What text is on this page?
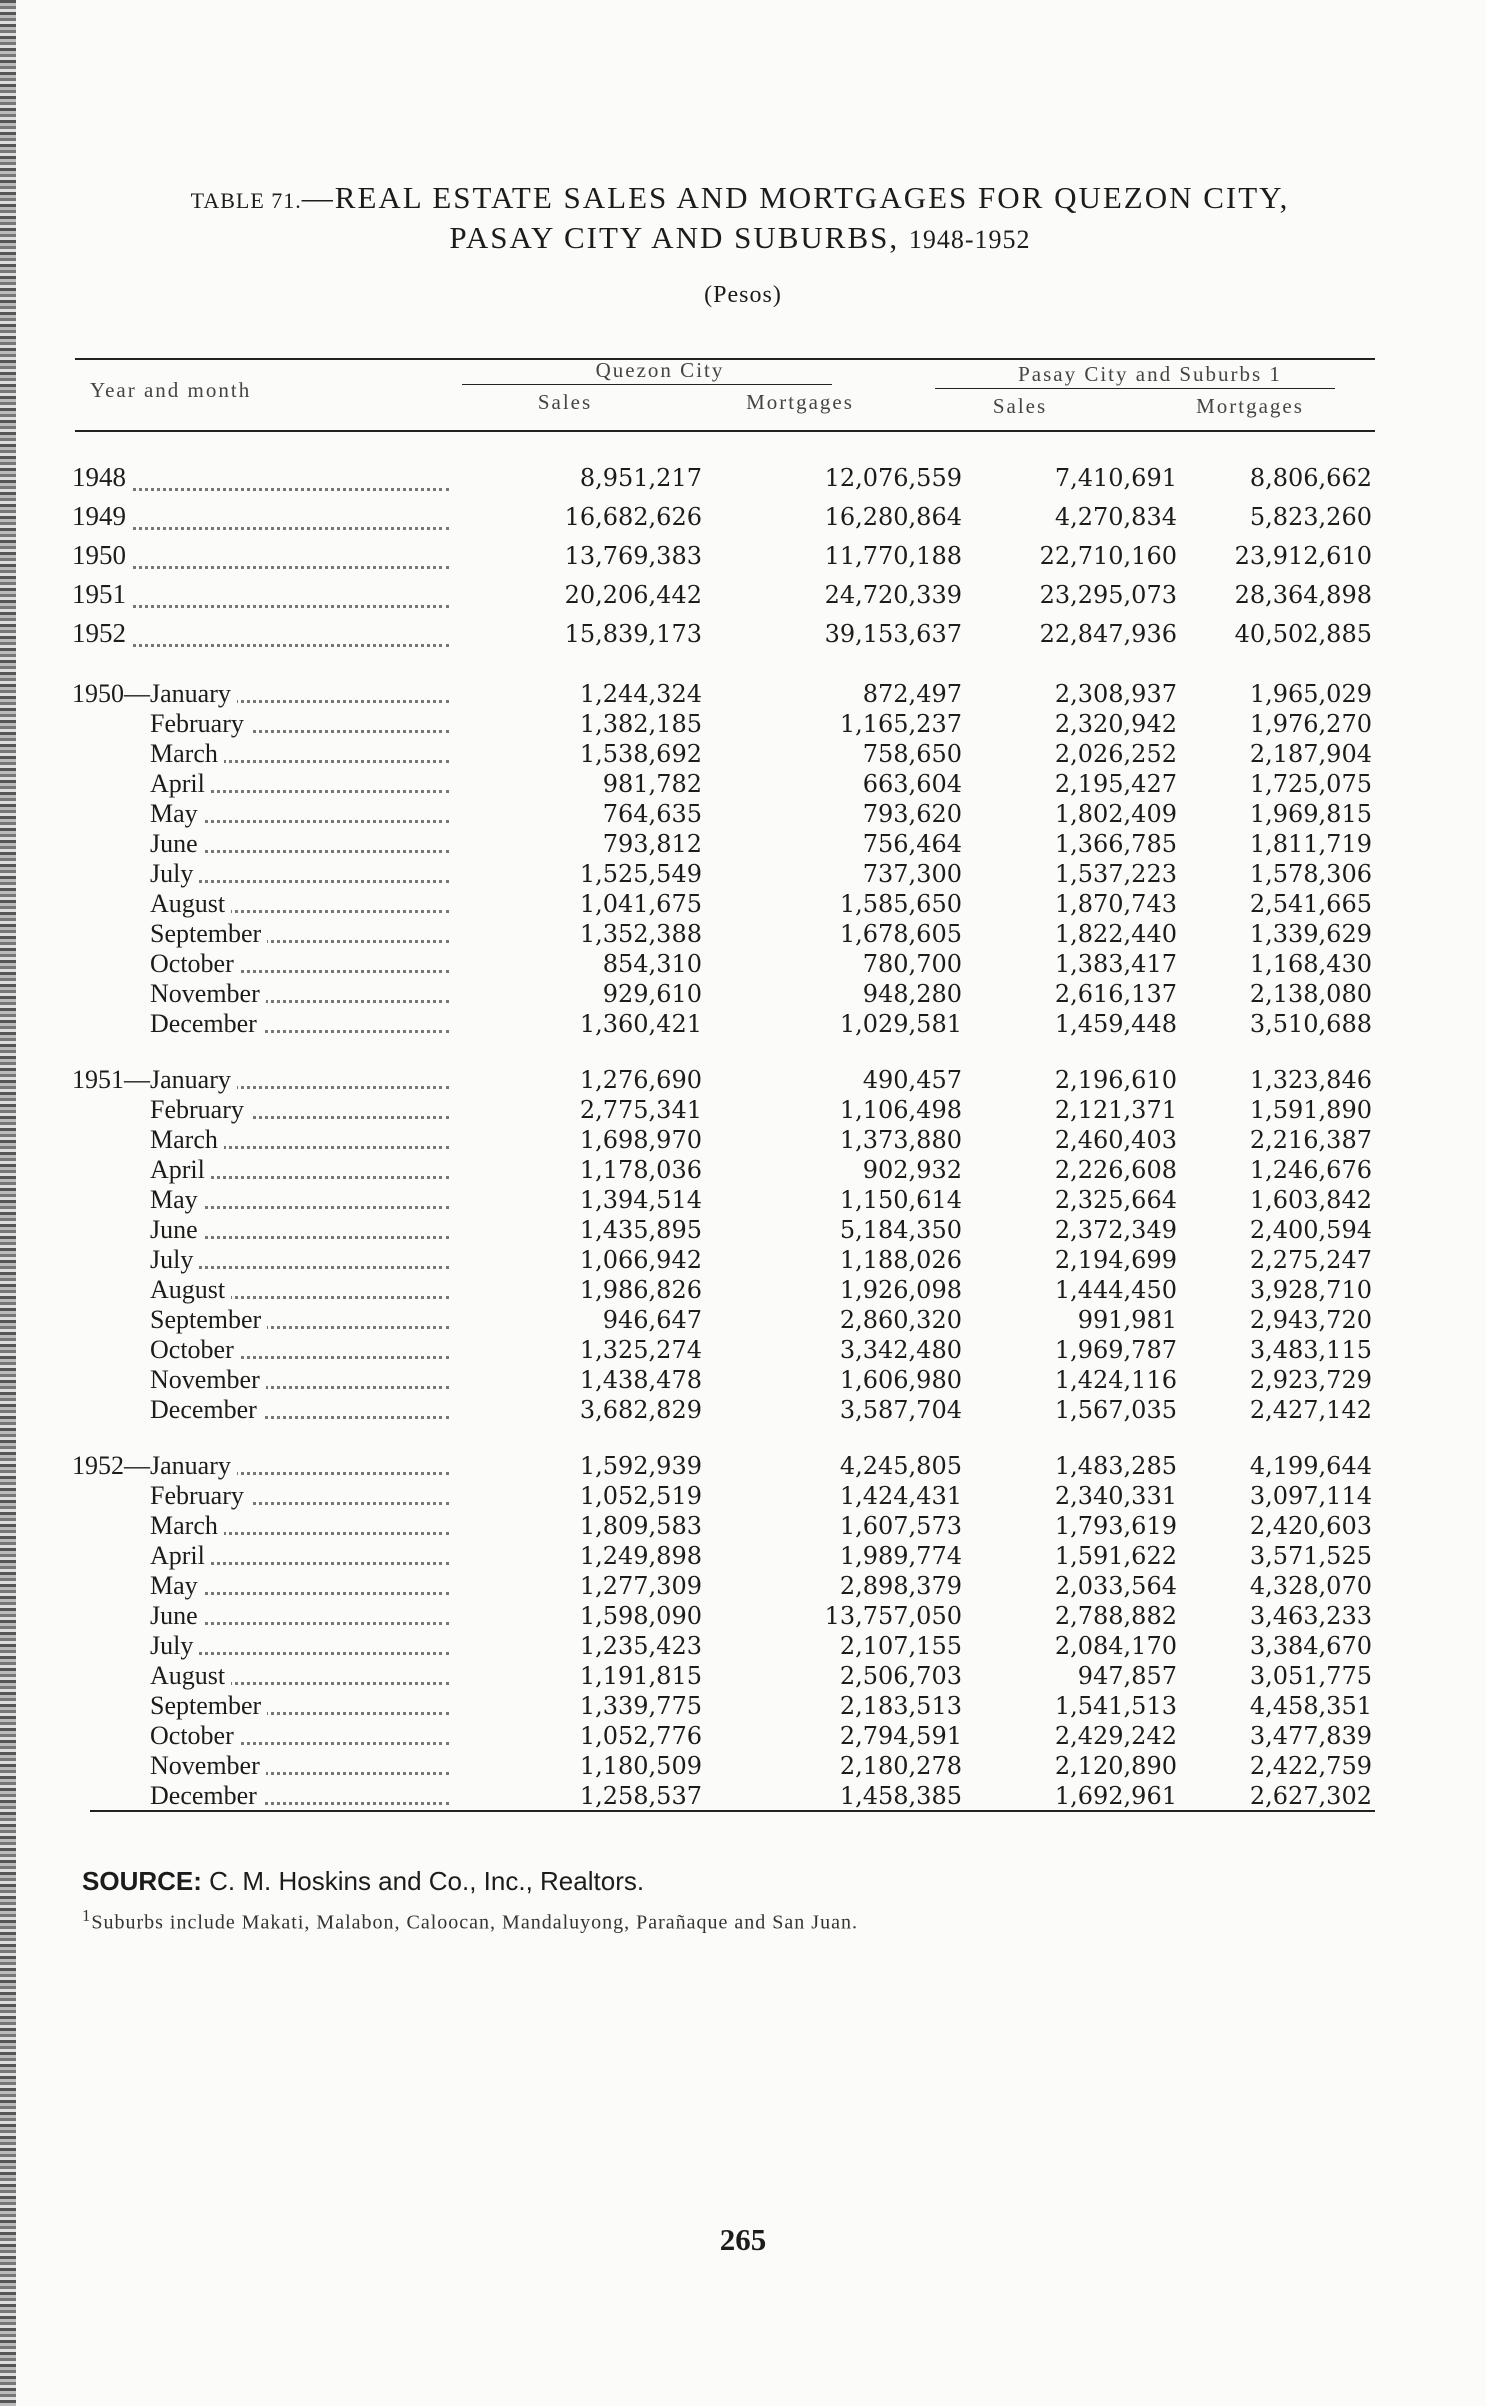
TABLE 71.—REAL ESTATE SALES AND MORTGAGES FOR QUEZON CITY,
PASAY CITY AND SUBURBS, 1948-1952
(Pesos)
Year and month
Quezon City	Pasay City and Suburbs 1
Sales	Mortgages	Sales	Mortgages
1948	8,951,217	12,076,559	7,410,691	8,806,662
1949	16,682,626	16,280,864	4,270,834	5,823,260
1950	13,769,383	11,770,188	22,710,160	23,912,610
1951	20,206,442	24,720,339	23,295,073	28,364,898
1952	15,839,173	39,153,637	22,847,936	40,502,885
1950—January	1,244,324	872,497	2,308,937	1,965,029
February	1,382,185	1,165,237	2,320,942	1,976,270
March	1,538,692	758,650	2,026,252	2,187,904
April	981,782	663,604	2,195,427	1,725,075
May	764,635	793,620	1,802,409	1,969,815
June	793,812	756,464	1,366,785	1,811,719
July	1,525,549	737,300	1,537,223	1,578,306
August	1,041,675	1,585,650	1,870,743	2,541,665
September	1,352,388	1,678,605	1,822,440	1,339,629
October	854,310	780,700	1,383,417	1,168,430
November	929,610	948,280	2,616,137	2,138,080
December	1,360,421	1,029,581	1,459,448	3,510,688
1951—January	1,276,690	490,457	2,196,610	1,323,846
February	2,775,341	1,106,498	2,121,371	1,591,890
March	1,698,970	1,373,880	2,460,403	2,216,387
April	1,178,036	902,932	2,226,608	1,246,676
May	1,394,514	1,150,614	2,325,664	1,603,842
June	1,435,895	5,184,350	2,372,349	2,400,594
July	1,066,942	1,188,026	2,194,699	2,275,247
August	1,986,826	1,926,098	1,444,450	3,928,710
September	946,647	2,860,320	991,981	2,943,720
October	1,325,274	3,342,480	1,969,787	3,483,115
November	1,438,478	1,606,980	1,424,116	2,923,729
December	3,682,829	3,587,704	1,567,035	2,427,142
1952—January	1,592,939	4,245,805	1,483,285	4,199,644
February	1,052,519	1,424,431	2,340,331	3,097,114
March	1,809,583	1,607,573	1,793,619	2,420,603
April	1,249,898	1,989,774	1,591,622	3,571,525
May	1,277,309	2,898,379	2,033,564	4,328,070
June	1,598,090	13,757,050	2,788,882	3,463,233
July	1,235,423	2,107,155	2,084,170	3,384,670
August	1,191,815	2,506,703	947,857	3,051,775
September	1,339,775	2,183,513	1,541,513	4,458,351
October	1,052,776	2,794,591	2,429,242	3,477,839
November	1,180,509	2,180,278	2,120,890	2,422,759
December	1,258,537	1,458,385	1,692,961	2,627,302
SOURCE: C. M. Hoskins and Co., Inc., Realtors.
$^1$Suburbs include Makati, Malabon, Caloocan, Mandaluyong, Parañaque and San Juan.
265
